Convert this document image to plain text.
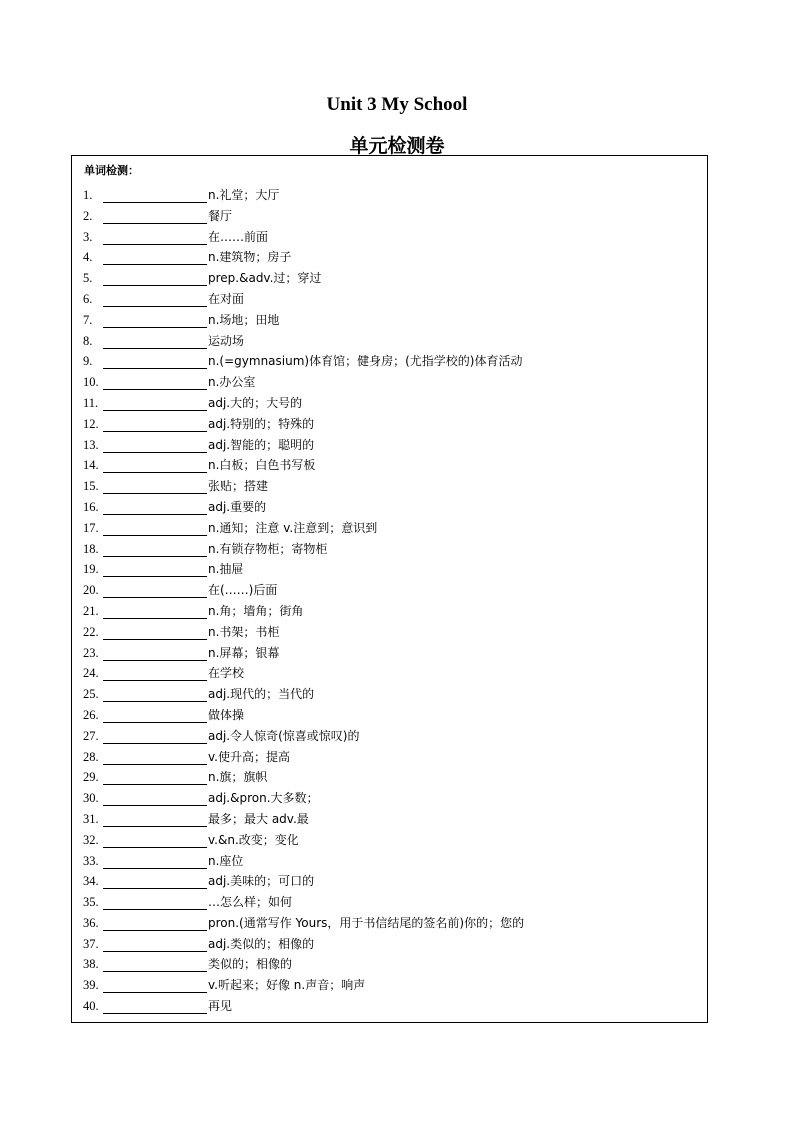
Unit 3 My School
单元检测卷
单词检测：
1.	n.礼堂；大厅
2.	餐厅
3.	在……前面
4.	n.建筑物；房子
5.	prep.&adv.过；穿过
6.	在对面
7.	n.场地；田地
8.	运动场
9.	n.(=gymnasium)体育馆；健身房；(尤指学校的)体育活动
10.	n.办公室
11.	adj.大的；大号的
12.	adj.特别的；特殊的
13.	adj.智能的；聪明的
14.	n.白板；白色书写板
15.	张贴；搭建
16.	adj.重要的
17.	n.通知；注意 v.注意到；意识到
18.	n.有锁存物柜；寄物柜
19.	n.抽屉
20.	在(……)后面
21.	n.角；墙角；街角
22.	n.书架；书柜
23.	n.屏幕；银幕
24.	在学校
25.	adj.现代的；当代的
26.	做体操
27.	adj.令人惊奇(惊喜或惊叹)的
28.	v.使升高；提高
29.	n.旗；旗帜
30.	adj.&pron.大多数；
31.	最多；最大 adv.最
32.	v.&n.改变；变化
33.	n.座位
34.	adj.美味的；可口的
35.	…怎么样；如何
36.	pron.(通常写作 Yours，用于书信结尾的签名前)你的；您的
37.	adj.类似的；相像的
38.	类似的；相像的
39.	v.听起来；好像 n.声音；响声
40.	再见
